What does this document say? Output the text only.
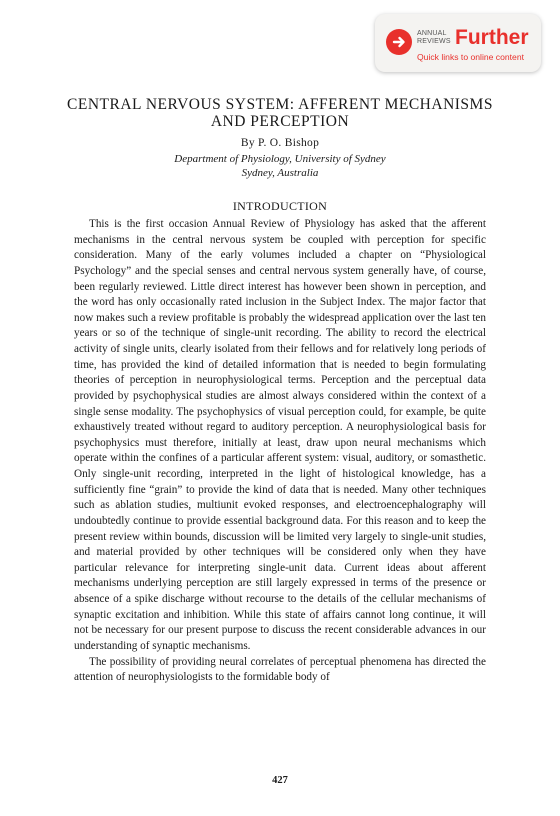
ANNUAL
REVIEWS Further
Quick links to online content
CENTRAL NERVOUS SYSTEM: AFFERENT MECHANISMS AND PERCEPTION
By P. O. Bishop
Department of Physiology, University of Sydney
Sydney, Australia
INTRODUCTION

This is the first occasion Annual Review of Physiology has asked that the afferent mechanisms in the central nervous system be coupled with perception for specific consideration. Many of the early volumes included a chapter on “Physiological Psychology” and the special senses and central nervous system generally have, of course, been regularly reviewed. Little direct interest has however been shown in perception, and the word has only occasionally rated inclusion in the Subject Index. The major factor that now makes such a review profitable is probably the widespread application over the last ten years or so of the technique of single-unit recording. The ability to record the electrical activity of single units, clearly isolated from their fellows and for relatively long periods of time, has provided the kind of detailed information that is needed to begin formulating theories of perception in neurophysiological terms. Perception and the perceptual data provided by psychophysical studies are almost always considered within the context of a single sense modality. The psychophysics of visual perception could, for example, be quite exhaustively treated without regard to auditory perception. A neurophysiological basis for psychophysics must therefore, initially at least, draw upon neural mechanisms which operate within the confines of a particular afferent system: visual, auditory, or somasthetic. Only single-unit recording, interpreted in the light of histological knowledge, has a sufficiently fine “grain” to provide the kind of data that is needed. Many other techniques such as ablation studies, multiunit evoked responses, and electroencephalography will undoubtedly continue to provide essential background data. For this reason and to keep the present review within bounds, discussion will be limited very largely to single-unit studies, and material provided by other techniques will be considered only when they have particular relevance for interpreting single-unit data. Current ideas about afferent mechanisms underlying perception are still largely expressed in terms of the presence or absence of a spike discharge without recourse to the details of the cellular mechanisms of synaptic excitation and inhibition. While this state of affairs cannot long continue, it will not be necessary for our present purpose to discuss the recent considerable advances in our understanding of synaptic mechanisms.

The possibility of providing neural correlates of perceptual phenomena has directed the attention of neurophysiologists to the formidable body of

427
